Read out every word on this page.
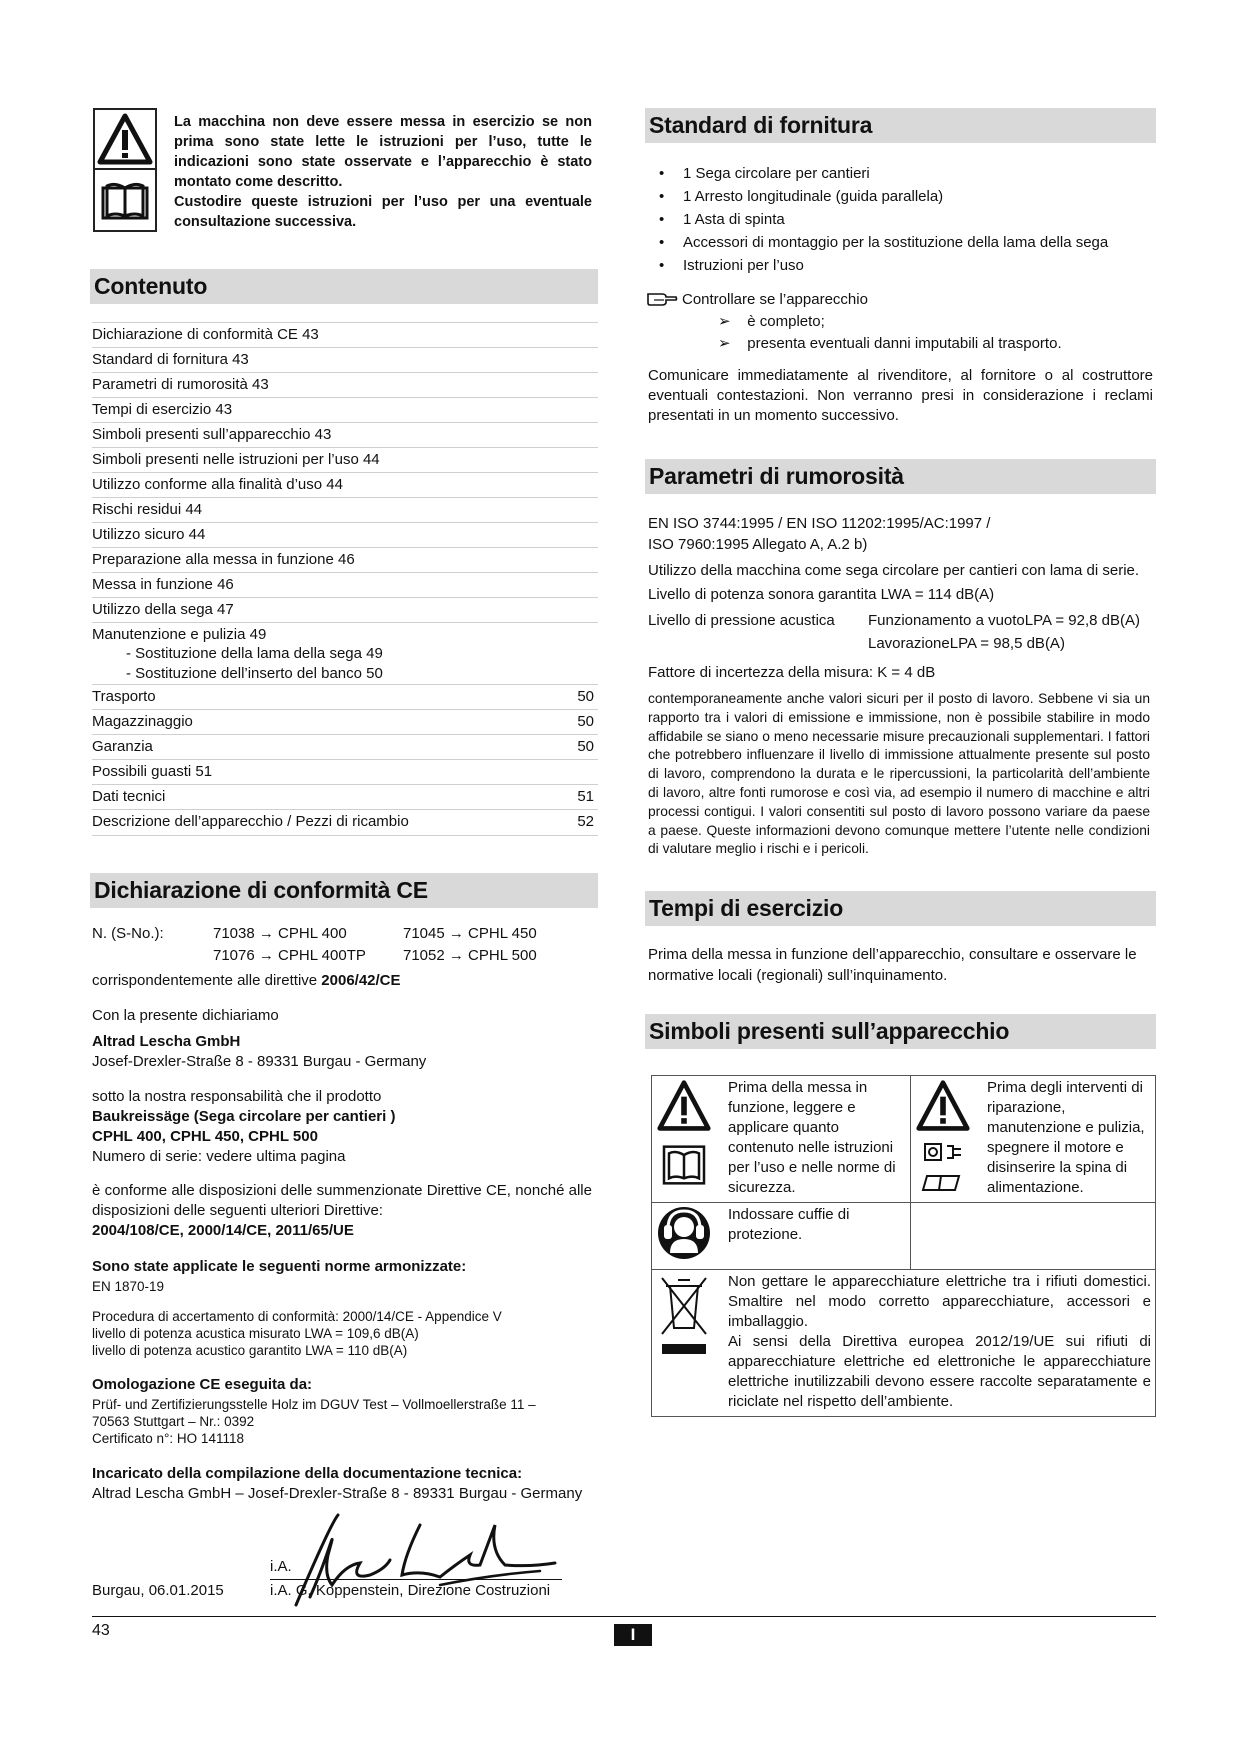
La macchina non deve essere messa in esercizio se non prima sono state lette le istruzioni per l’uso, tutte le indicazioni sono state osservate e l’apparecchio è stato montato come descritto.
Custodire queste istruzioni per l’uso per una eventuale consultazione successiva.
Contenuto
Dichiarazione di conformità CE 43
Standard di fornitura 43
Parametri di rumorosità 43
Tempi di esercizio 43
Simboli presenti sull’apparecchio 43
Simboli presenti nelle istruzioni per l’uso 44
Utilizzo conforme alla finalità d’uso 44
Rischi residui 44
Utilizzo sicuro 44
Preparazione alla messa in funzione 46
Messa in funzione 46
Utilizzo della sega 47
Manutenzione e pulizia 49
- Sostituzione della lama della sega 49
- Sostituzione dell’inserto del banco 50
Trasporto	50
Magazzinaggio	50
Garanzia	50
Possibili guasti 51
Dati tecnici	51
Descrizione dell’apparecchio / Pezzi di ricambio	52
Dichiarazione di conformità CE
N. (S-No.):	71038 → CPHL 400	71045 → CPHL 450
71076 → CPHL 400TP 71052 → CPHL 500
corrispondentemente alle direttive 2006/42/CE
Con la presente dichiariamo
Altrad Lescha GmbH
Josef-Drexler-Straße 8 - 89331 Burgau - Germany
sotto la nostra responsabilità che il prodotto
Baukreissäge (Sega circolare per cantieri )
CPHL 400, CPHL 450, CPHL 500
Numero di serie: vedere ultima pagina
è conforme alle disposizioni delle summenzionate Direttive CE, nonché alle disposizioni delle seguenti ulteriori Direttive:
2004/108/CE, 2000/14/CE, 2011/65/UE
Sono state applicate le seguenti norme armonizzate:
EN 1870-19
Procedura di accertamento di conformità: 2000/14/CE - Appendice V
livello di potenza acustica misurato LWA = 109,6 dB(A)
livello di potenza acustico garantito LWA = 110 dB(A)
Omologazione CE eseguita da:
Prüf- und Zertifizierungsstelle Holz im DGUV Test – Vollmoellerstraße 11 –
70563 Stuttgart – Nr.: 0392
Certificato n°: HO 141118
Incaricato della compilazione della documentazione tecnica:
Altrad Lescha GmbH – Josef-Drexler-Straße 8 - 89331 Burgau - Germany
i.A.
Burgau, 06.01.2015	i.A. G. Koppenstein, Direzione Costruzioni
Standard di fornitura
• 1 Sega circolare per cantieri
• 1 Arresto longitudinale (guida parallela)
• 1 Asta di spinta
• Accessori di montaggio per la sostituzione della lama della sega
• Istruzioni per l’uso
Controllare se l’apparecchio
➢    è completo;
➢    presenta eventuali danni imputabili al trasporto.
Comunicare immediatamente al rivenditore, al fornitore o al costruttore eventuali contestazioni. Non verranno presi in considerazione i reclami presentati in un momento successivo.
Parametri di rumorosità
EN ISO 3744:1995 / EN ISO 11202:1995/AC:1997 /
ISO 7960:1995 Allegato A, A.2 b)
Utilizzo della macchina come sega circolare per cantieri con lama di serie.
Livello di potenza sonora garantita LWA = 114 dB(A)
Livello di pressione acustica Funzionamento a vuotoLPA = 92,8 dB(A)
LavorazioneLPA = 98,5 dB(A)
Fattore di incertezza della misura: K = 4 dB
contemporaneamente anche valori sicuri per il posto di lavoro. Sebbene vi sia un rapporto tra i valori di emissione e immissione, non è possibile stabilire in modo affidabile se siano o meno necessarie misure precauzionali supplementari. I fattori che potrebbero influenzare il livello di immissione attualmente presente sul posto di lavoro, comprendono la durata e le ripercussioni, la particolarità dell’ambiente di lavoro, altre fonti rumorose e così via, ad esempio il numero di macchine e altri processi contigui. I valori consentiti sul posto di lavoro possono variare da paese a paese. Queste informazioni devono comunque mettere l’utente nelle condizioni di valutare meglio i rischi e i pericoli.
Tempi di esercizio
Prima della messa in funzione dell’apparecchio, consultare e osservare le normative locali (regionali) sull’inquinamento.
Simboli presenti sull’apparecchio
	Prima della messa in funzione, leggere e applicare quanto contenuto nelle istruzioni per l’uso e nelle norme di sicurezza.		Prima degli interventi di riparazione, manutenzione e pulizia, spegnere il motore e disinserire la spina di alimentazione.
	Indossare cuffie di protezione.		

Non gettare le apparecchiature elettriche tra i rifiuti domestici. Smaltire nel modo corretto apparecchiature, accessori e imballaggio.
Ai sensi della Direttiva europea 2012/19/UE sui rifiuti di apparecchiature elettriche ed elettroniche le apparecchiature elettriche inutilizzabili devono essere raccolte separatamente e riciclate nel rispetto dell’ambiente.		
43	I
